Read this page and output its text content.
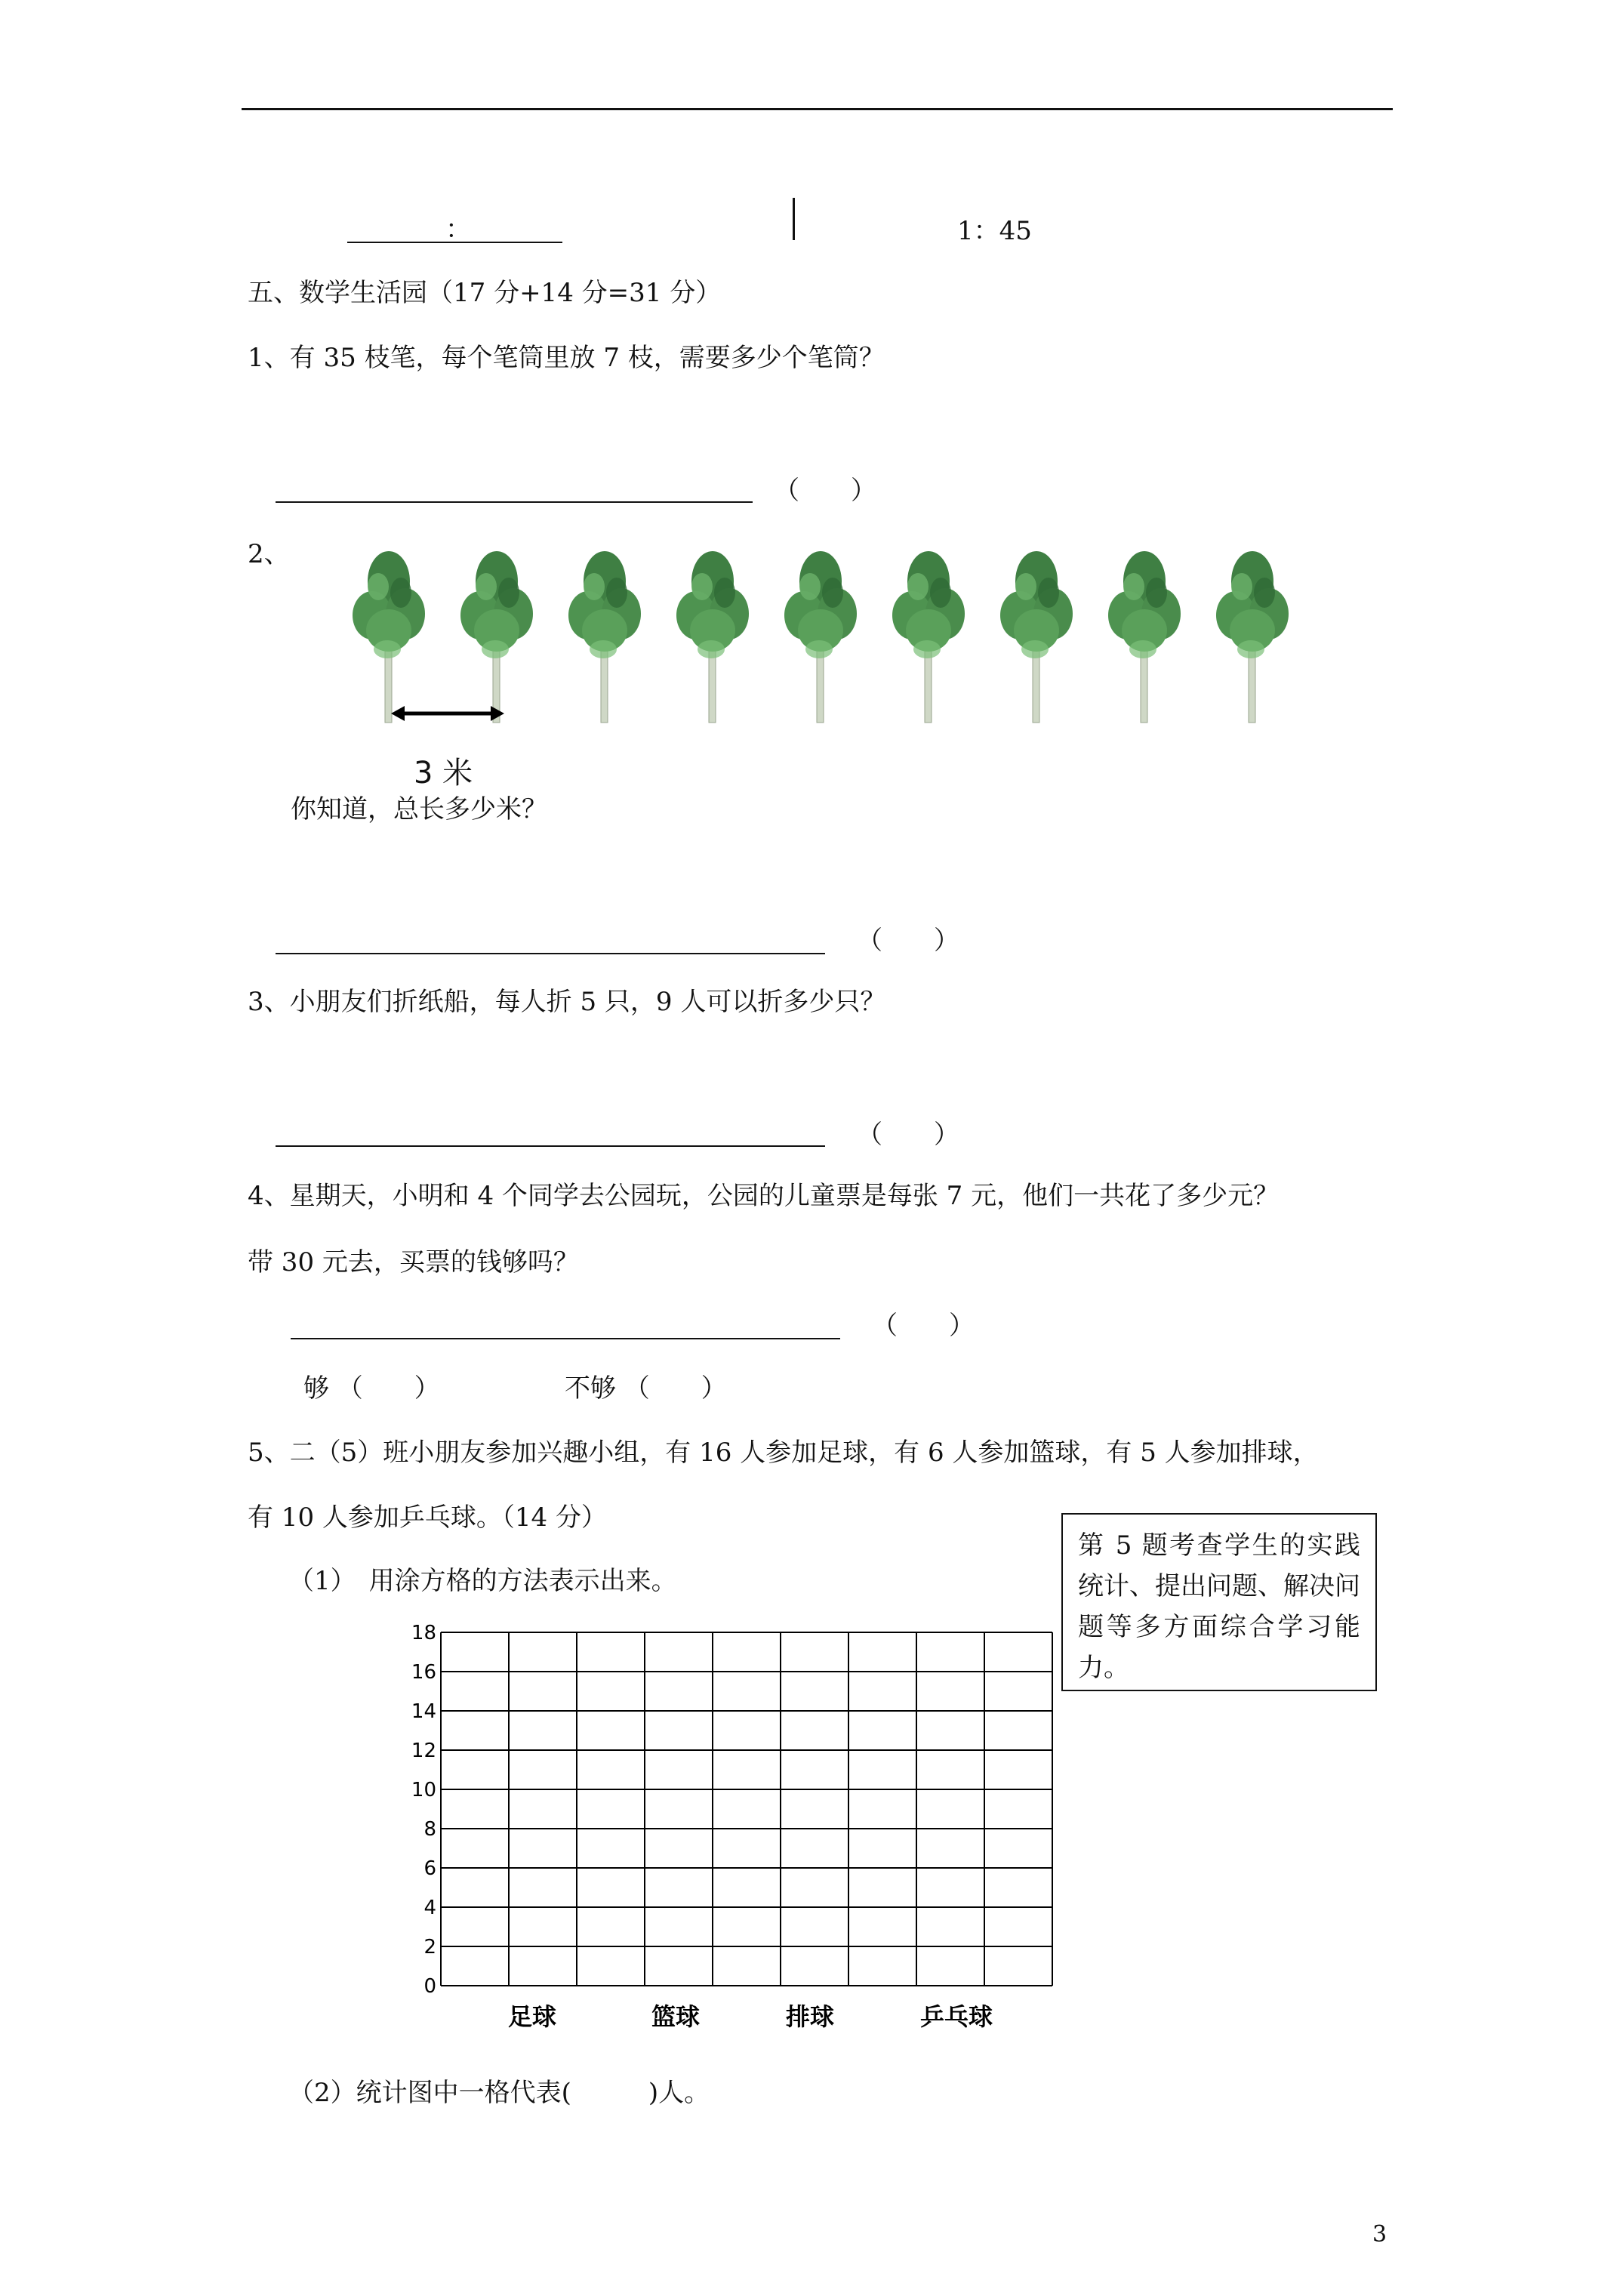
：	1：45
五、数学生活园（17 分+14 分=31 分）
1、有 35 枝笔，每个笔筒里放 7 枝，需要多少个笔筒？
（　　）
2、
3 米
你知道，总长多少米？
（　　）
3、小朋友们折纸船，每人折 5 只，9 人可以折多少只？
（　　）
4、星期天，小明和 4 个同学去公园玩，公园的儿童票是每张 7 元，他们一共花了多少元？
带 30 元去，买票的钱够吗？
（　　）
够 （　　）	不够 （　　）
5、二（5）班小朋友参加兴趣小组，有 16 人参加足球，有 6 人参加篮球，有 5 人参加排球，
有 10 人参加乒乓球。（14 分）
（1）　用涂方格的方法表示出来。
第 5 题考查学生的实践统计、提出问题、解决问题等多方面综合学习能力。
0
2
4
6
8
10
12
14
16
18
足球	篮球	排球	乒乓球
（2）统计图中一格代表(　　　)人。
3
